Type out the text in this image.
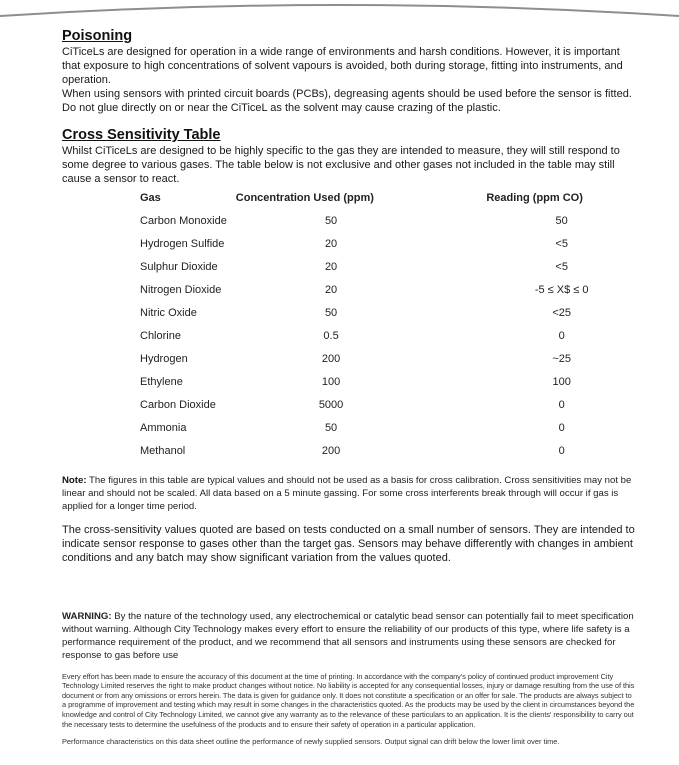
Poisoning

CiTiceLs are designed for operation in a wide range of environments and harsh conditions. However, it is important that exposure to high concentrations of solvent vapours is avoided, both during storage, fitting into instruments, and operation.

When using sensors with printed circuit boards (PCBs), degreasing agents should be used before the sensor is fitted. Do not glue directly on or near the CiTiceL as the solvent may cause crazing of the plastic.

Cross Sensitivity Table

Whilst CiTiceLs are designed to be highly specific to the gas they are intended to measure, they will still respond to some degree to various gases. The table below is not exclusive and other gases not included in the table may still cause a sensor to react.

Gas	Concentration Used (ppm)	Reading (ppm CO)
Carbon Monoxide	50	50
Hydrogen Sulfide	20	<5
Sulphur Dioxide	20	<5
Nitrogen Dioxide	20	-5 ≤ X$ ≤ 0
Nitric Oxide	50	<25
Chlorine	0.5	0
Hydrogen	200	~25
Ethylene	100	100
Carbon Dioxide	5000	0
Ammonia	50	0
Methanol	200	0

Note: The figures in this table are typical values and should not be used as a basis for cross calibration. Cross sensitivities may not be linear and should not be scaled. All data based on a 5 minute gassing. For some cross interferents break through will occur if gas is applied for a longer time period.

The cross-sensitivity values quoted are based on tests conducted on a small number of sensors. They are intended to indicate sensor response to gases other than the target gas. Sensors may behave differently with changes in ambient conditions and any batch may show significant variation from the values quoted.

WARNING: By the nature of the technology used, any electrochemical or catalytic bead sensor can potentially fail to meet specification without warning. Although City Technology makes every effort to ensure the reliability of our products of this type, where life safety is a performance requirement of the product, and we recommend that all sensors and instruments using these sensors are checked for response to gas before use

Every effort has been made to ensure the accuracy of this document at the time of printing. In accordance with the company's policy of continued product improvement City Technology Limited reserves the right to make product changes without notice. No liability is accepted for any consequential losses, injury or damage resulting from the use of this document or from any omissions or errors herein. The data is given for guidance only. It does not constitute a specification or an offer for sale. The products are always subject to a programme of improvement and testing which may result in some changes in the characteristics quoted. As the products may be used by the client in circumstances beyond the knowledge and control of City Technology Limited, we cannot give any warranty as to the relevance of these particulars to an application. It is the clients' responsibility to carry out the necessary tests to determine the usefulness of the products and to ensure their safety of operation in a particular application.

Performance characteristics on this data sheet outline the performance of newly supplied sensors. Output signal can drift below the lower limit over time.
